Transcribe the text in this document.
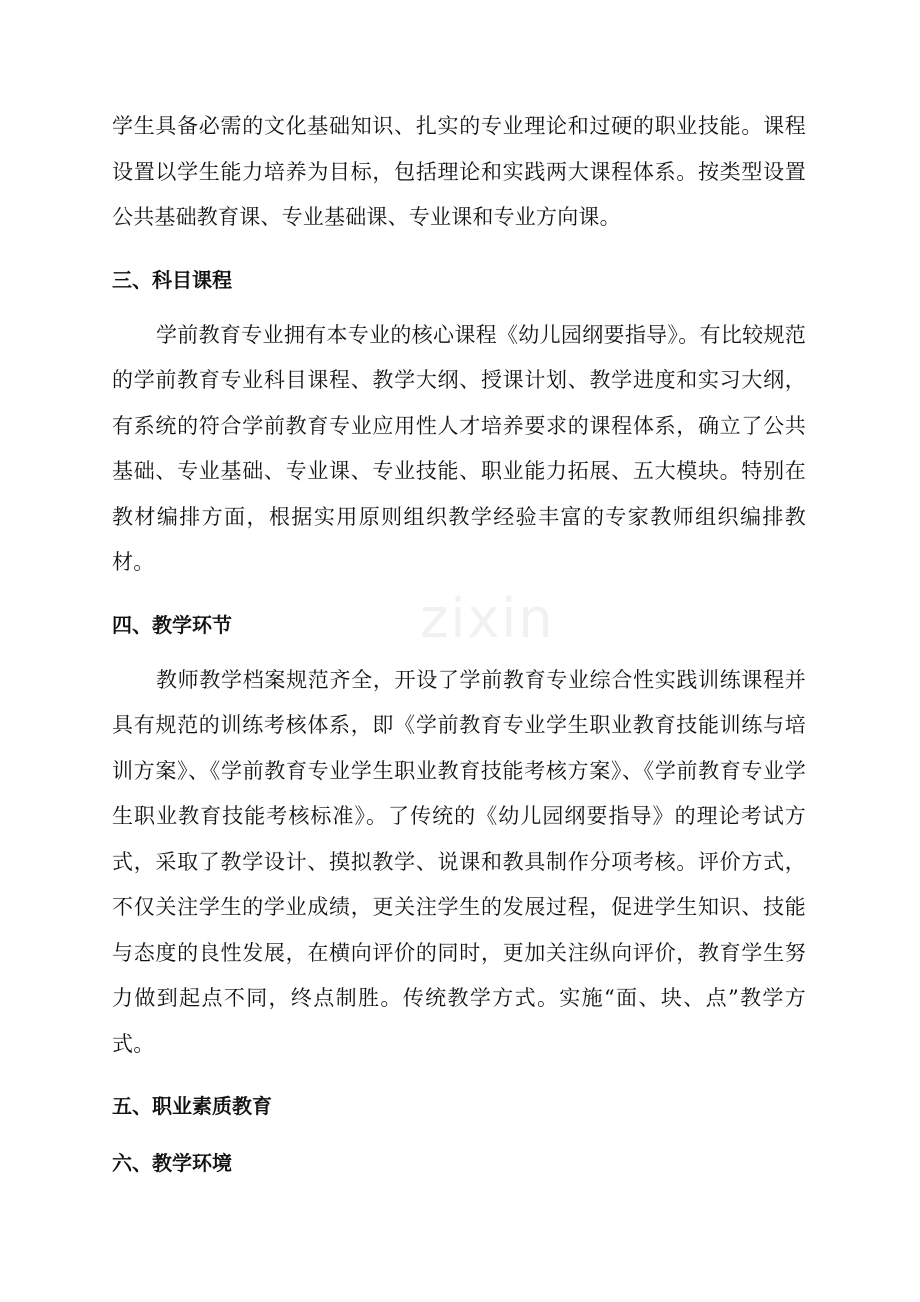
学生具备必需的文化基础知识、扎实的专业理论和过硬的职业技能。课程设置以学生能力培养为目标，包括理论和实践两大课程体系。按类型设置公共基础教育课、专业基础课、专业课和专业方向课。

三、科目课程

学前教育专业拥有本专业的核心课程《幼儿园纲要指导》。有比较规范的学前教育专业科目课程、教学大纲、授课计划、教学进度和实习大纲，有系统的符合学前教育专业应用性人才培养要求的课程体系，确立了公共基础、专业基础、专业课、专业技能、职业能力拓展、五大模块。特别在教材编排方面，根据实用原则组织教学经验丰富的专家教师组织编排教材。

四、教学环节

教师教学档案规范齐全，开设了学前教育专业综合性实践训练课程并具有规范的训练考核体系，即《学前教育专业学生职业教育技能训练与培训方案》、《学前教育专业学生职业教育技能考核方案》、《学前教育专业学生职业教育技能考核标准》。了传统的《幼儿园纲要指导》的理论考试方式，采取了教学设计、摸拟教学、说课和教具制作分项考核。评价方式，不仅关注学生的学业成绩，更关注学生的发展过程，促进学生知识、技能与态度的良性发展，在横向评价的同时，更加关注纵向评价，教育学生努力做到起点不同，终点制胜。传统教学方式。实施“面、块、点”教学方式。

五、职业素质教育
六、教学环境
zixin
